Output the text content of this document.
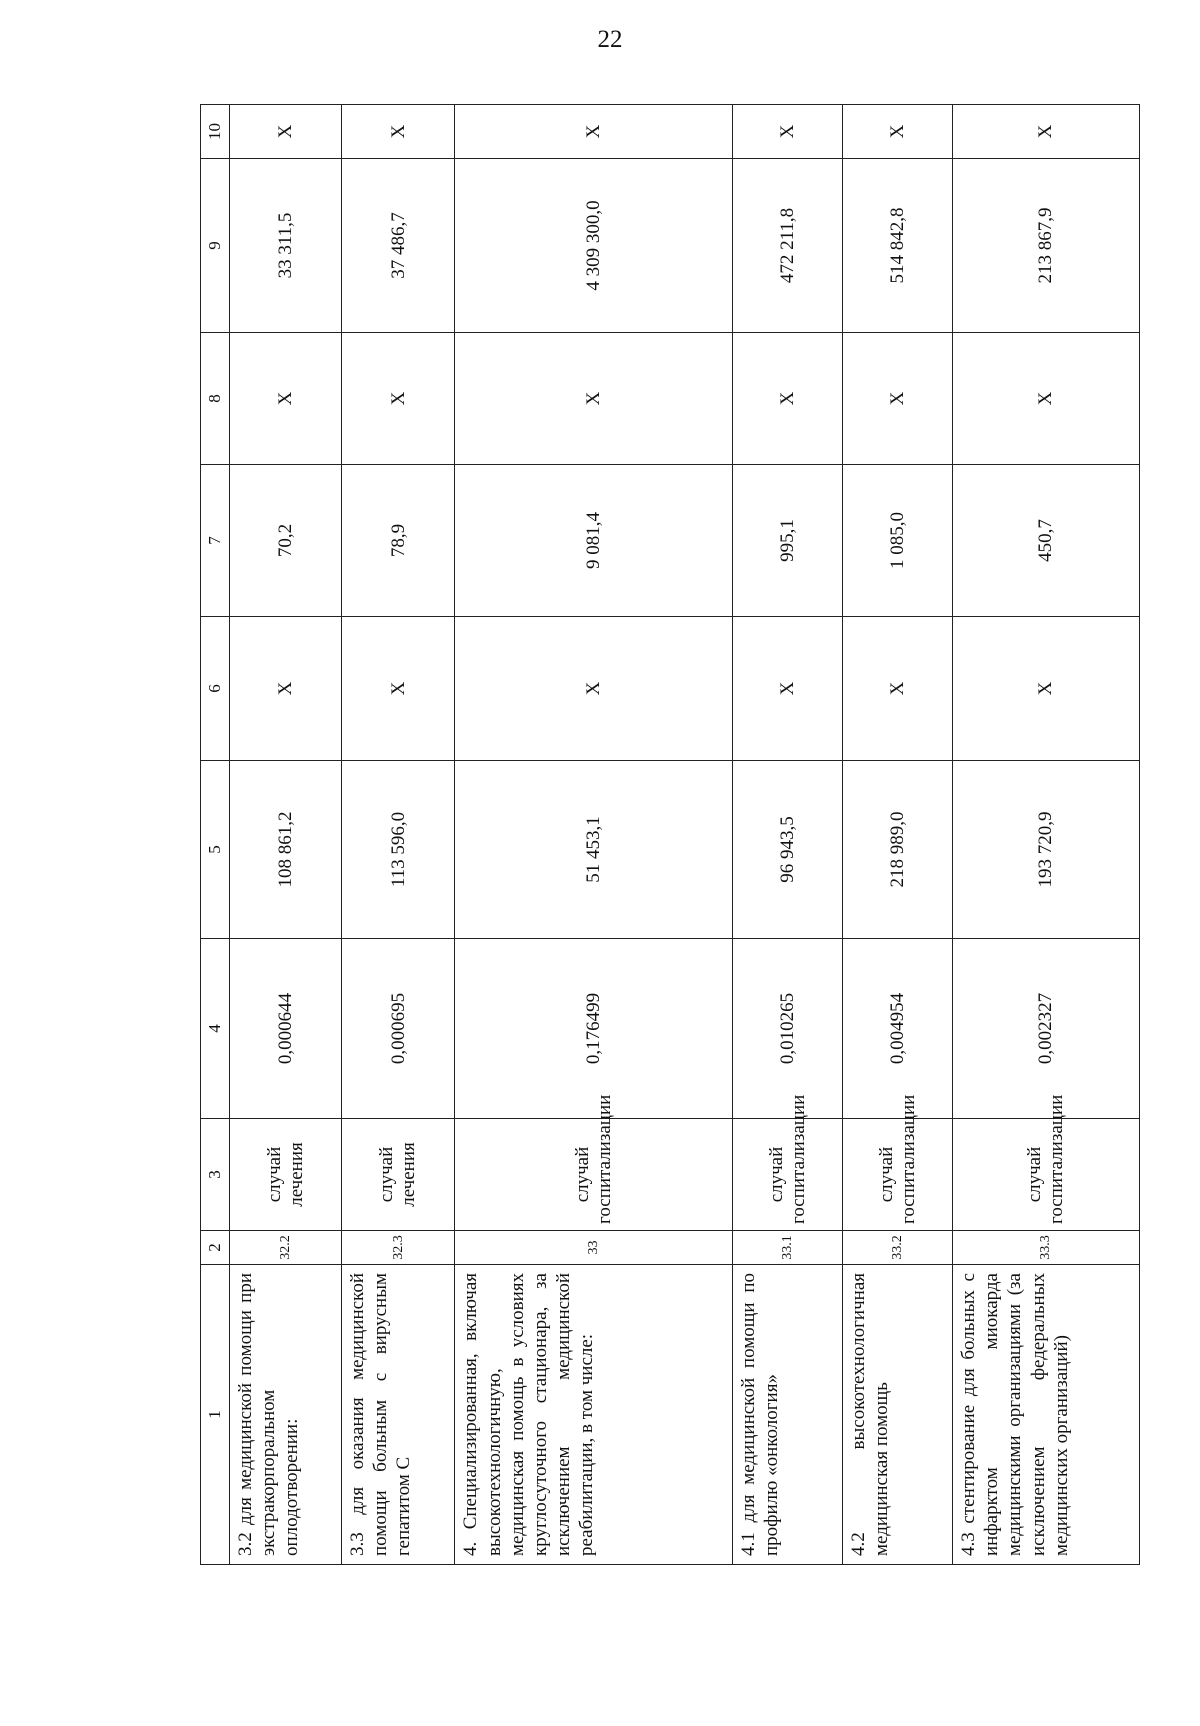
22
1	2	3	4	5	6	7	8	9	10
3.2 для медицинской помощи при экстракорпоральном оплодотворении:	32.2	случай лечения	0,000644	108 861,2	X	70,2	X	33 311,5	X
3.3 для оказания медицинской помощи больным с вирусным гепатитом С	32.3	случай лечения	0,000695	113 596,0	X	78,9	X	37 486,7	X
4. Специализированная, включая высокотехнологичную, медицинская помощь в условиях круглосуточного стационара, за исключением медицинской реабилитации, в том числе:	33	случай госпитализации	0,176499	51 453,1	X	9 081,4	X	4 309 300,0	X
4.1 для медицинской помощи по профилю «онкология»	33.1	случай госпитализации	0,010265	96 943,5	X	995,1	X	472 211,8	X
4.2 высокотехнологичная медицинская помощь	33.2	случай госпитализации	0,004954	218 989,0	X	1 085,0	X	514 842,8	X
4.3 стентирование для больных с инфарктом миокарда медицинскими организациями (за исключением федеральных медицинских организаций)	33.3	случай госпитализации	0,002327	193 720,9	X	450,7	X	213 867,9	X
